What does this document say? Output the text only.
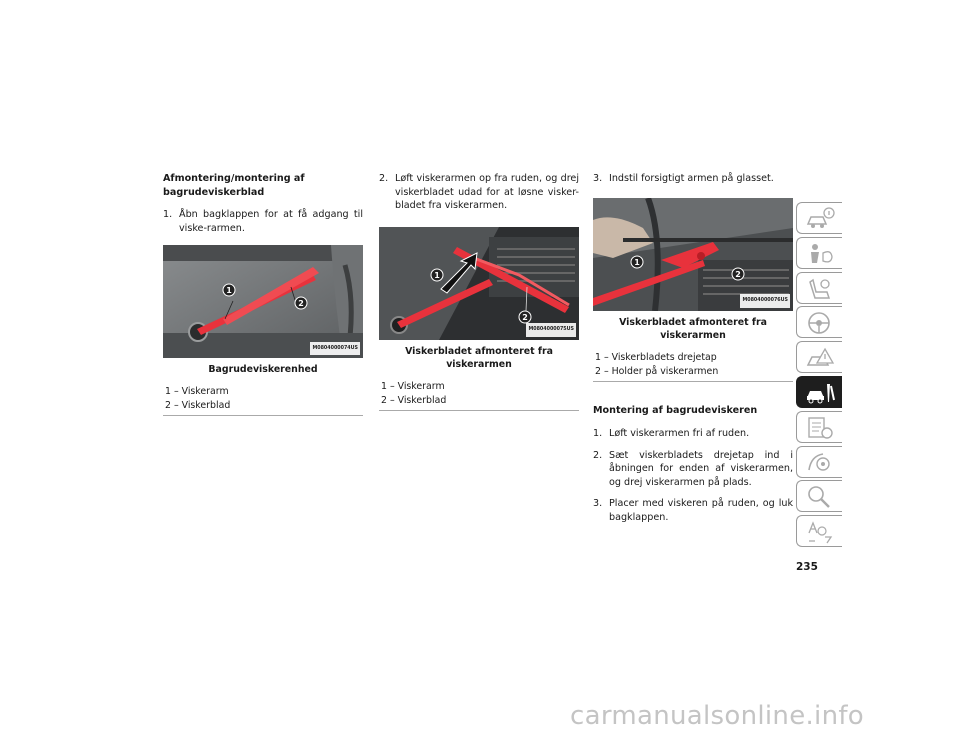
Afmontering/montering af bagrudeviskerblad
1. Åbn bagklappen for at få adgang til viske-rarmen.
1
2
M0804000074US
Bagrudeviskerenhed
1 – Viskerarm
2 – Viskerblad
2. Løft viskerarmen op fra ruden, og drej viskerbladet udad for at løsne visker-bladet fra viskerarmen.
1
2
M0804000075US
Viskerbladet afmonteret fra viskerarmen
1 – Viskerarm
2 – Viskerblad
3. Indstil forsigtigt armen på glasset.
1
2
M0804000076US
Viskerbladet afmonteret fra viskerarmen
1 – Viskerbladets drejetap
2 – Holder på viskerarmen
Montering af bagrudeviskeren
1. Løft viskerarmen fri af ruden.
2. Sæt viskerbladets drejetap ind i åbningen for enden af viskerarmen, og drej viskerarmen på plads.
3. Placer med viskeren på ruden, og luk bagklappen.
235
carmanualsonline.info
